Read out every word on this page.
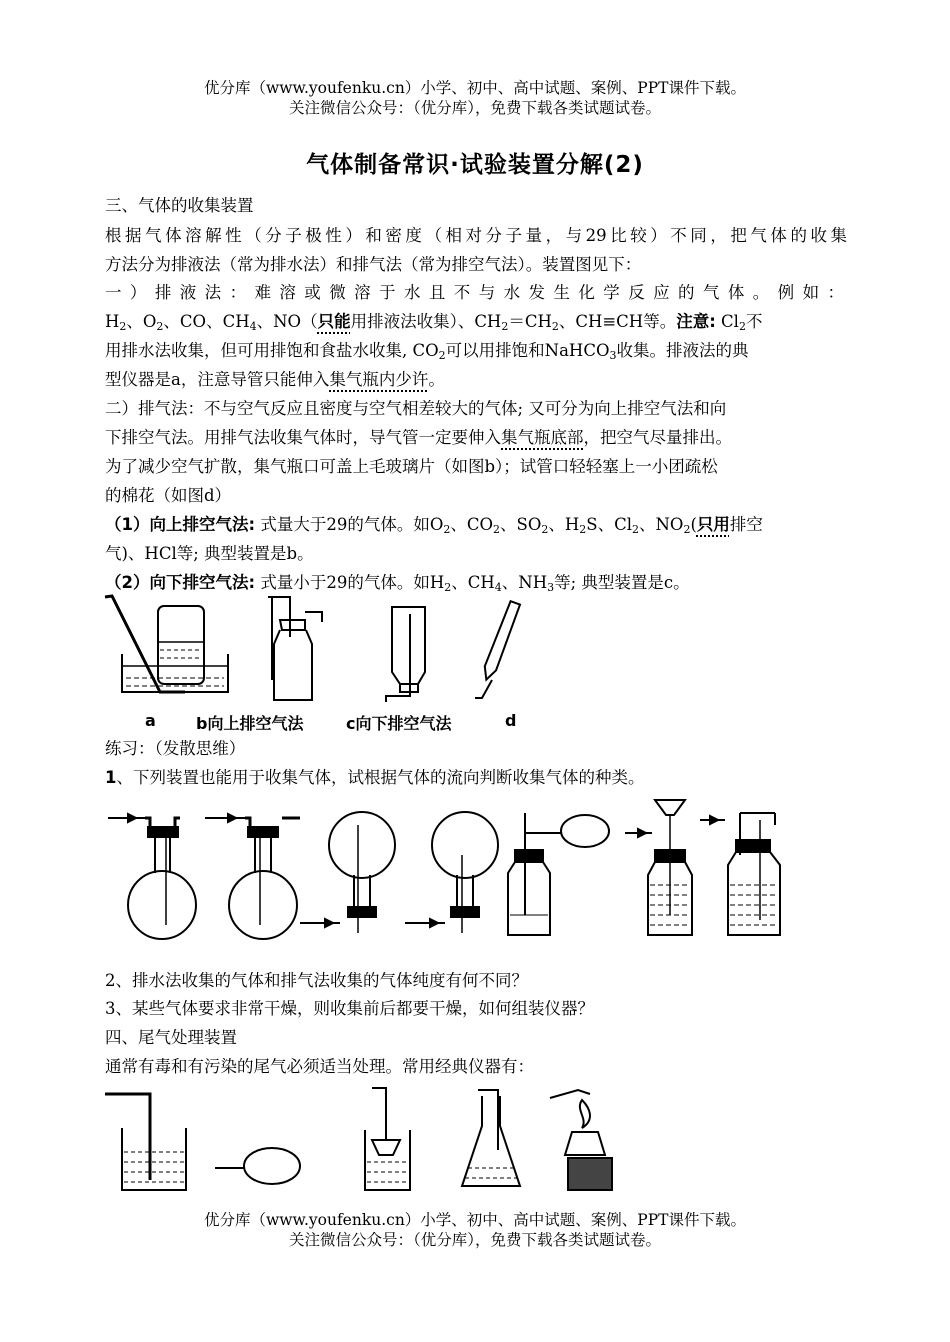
优分库（www.youfenku.cn）小学、初中、高中试题、案例、PPT课件下载。
关注微信公众号：（优分库），免费下载各类试题试卷。
气体制备常识·试验装置分解(2)
三、气体的收集装置
根据气体溶解性（分子极性）和密度（相对分子量，与29比较）不同，把气体的收集
方法分为排液法（常为排水法）和排气法（常为排空气法）。装置图见下：
一）排液法：难溶或微溶于水且不与水发生化学反应的气体。例如：
$H_2$、$O_2$、CO、$CH_4$、NO（只能用排液法收集）、$CH_2=CH_2$、CH≡CH等。注意: $Cl_2$不
用排水法收集，但可用排饱和食盐水收集, $CO_2$可以用排饱和NaHCO$_3$收集。排液法的典
型仪器是a，注意导管只能伸入集气瓶内少许。
二）排气法：不与空气反应且密度与空气相差较大的气体; 又可分为向上排空气法和向
下排空气法。用排气法收集气体时，导气管一定要伸入集气瓶底部，把空气尽量排出。
为了减少空气扩散，集气瓶口可盖上毛玻璃片（如图b）；试管口轻轻塞上一小团疏松
的棉花（如图d）
（1）向上排空气法: 式量大于29的气体。如$O_2$、$CO_2$、$SO_2$、$H_2S$、$Cl_2$、$NO_2$(只用排空
气)、HCl等; 典型装置是b。
（2）向下排空气法: 式量小于29的气体。如$H_2$、$CH_4$、$NH_3$等; 典型装置是c。
a	b向上排空气法	c向下排空气法	d
练习：（发散思维）
1、下列装置也能用于收集气体，试根据气体的流向判断收集气体的种类。
2、排水法收集的气体和排气法收集的气体纯度有何不同？
3、某些气体要求非常干燥，则收集前后都要干燥，如何组装仪器？
四、尾气处理装置
通常有毒和有污染的尾气必须适当处理。常用经典仪器有：
优分库（www.youfenku.cn）小学、初中、高中试题、案例、PPT课件下载。
关注微信公众号：（优分库），免费下载各类试题试卷。
